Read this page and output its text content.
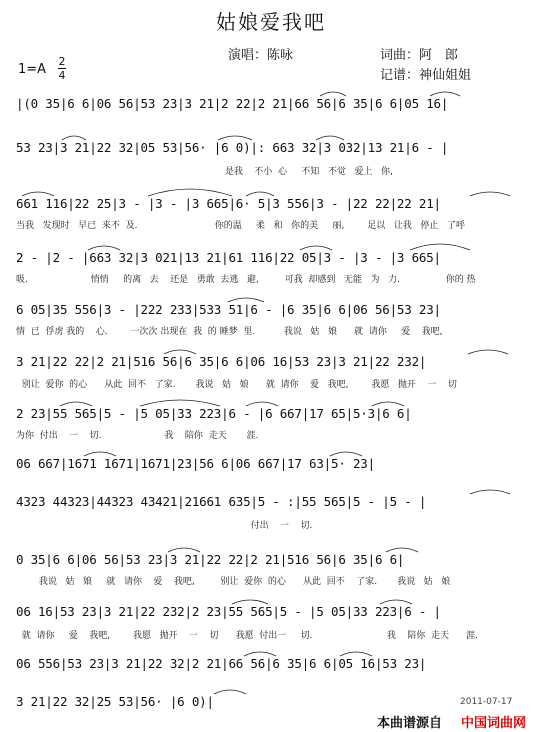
姑娘爱我吧
演唱：陈咏	词曲：阿　郎
记谱：神仙姐姐
1=A
2
4
|(0 35|6 6|06 56|53 23|3 21|2 22|2 21|66 56|6 35|6 6|05 16|
53 23|3 21|22 32|05 53|56· |6 0)|: 663 32|3 032|13 21|6 - |
是我    不小  心     不知   不觉   爱上   你,
661 116|22 25|3 - |3 - |3 665|6· 5|3 556|3 - |22 22|22 21|
当我   发现时   早已  来不  及.                           你的温     柔   和   你的美     丽,        足以   让我   停止   了呼
2 - |2 - |663 32|3 021|13 21|61 116|22 05|3 - |3 - |3 665|
吸.                      悄悄     的离   去    还是   勇敢  去逃   避,         可我  却感到   无能   为   力.                你的 热
6 05|35 556|3 - |222 233|533 51|6 - |6 35|6 6|06 56|53 23|
情  已  俘虏 我的    心.        一次次 出现在  我  的 睡梦  里.          我说   姑   娘      就  请你     爱    我吧,
3 21|22 22|2 21|516 56|6 35|6 6|06 16|53 23|3 21|22 232|
别让  爱你  的心      从此  回不   了家.       我说   姑   娘      就  请你    爱   我吧,        我愿   抛开    一    切
2 23|55 565|5 - |5 05|33 223|6 - |6 667|17 65|5·3|6 6|
为你  付出    一    切.                      我    陪你  走天       涯.
06 667|1671 1671|1671|23|56 6|06 667|17 63|5· 23|
4323 44323|44323 43421|21661 635|5 - :|55 565|5 - |5 - |
付出    一    切.
0 35|6 6|06 56|53 23|3 21|22 22|2 21|516 56|6 35|6 6|
我说   姑   娘     就   请你    爱    我吧,         别让  爱你  的心      从此  回不    了家.       我说   姑   娘
06 16|53 23|3 21|22 232|2 23|55 565|5 - |5 05|33 223|6 - |
就  请你     爱    我吧,        我愿   抛开    一    切      我愿  付出一     切.                          我    陪你  走天      涯.
06 556|53 23|3 21|22 32|2 21|66 56|6 35|6 6|05 16|53 23|
3 21|22 32|25 53|56· |6 0)|	2011-07-17
本曲谱源自 中国词曲网
